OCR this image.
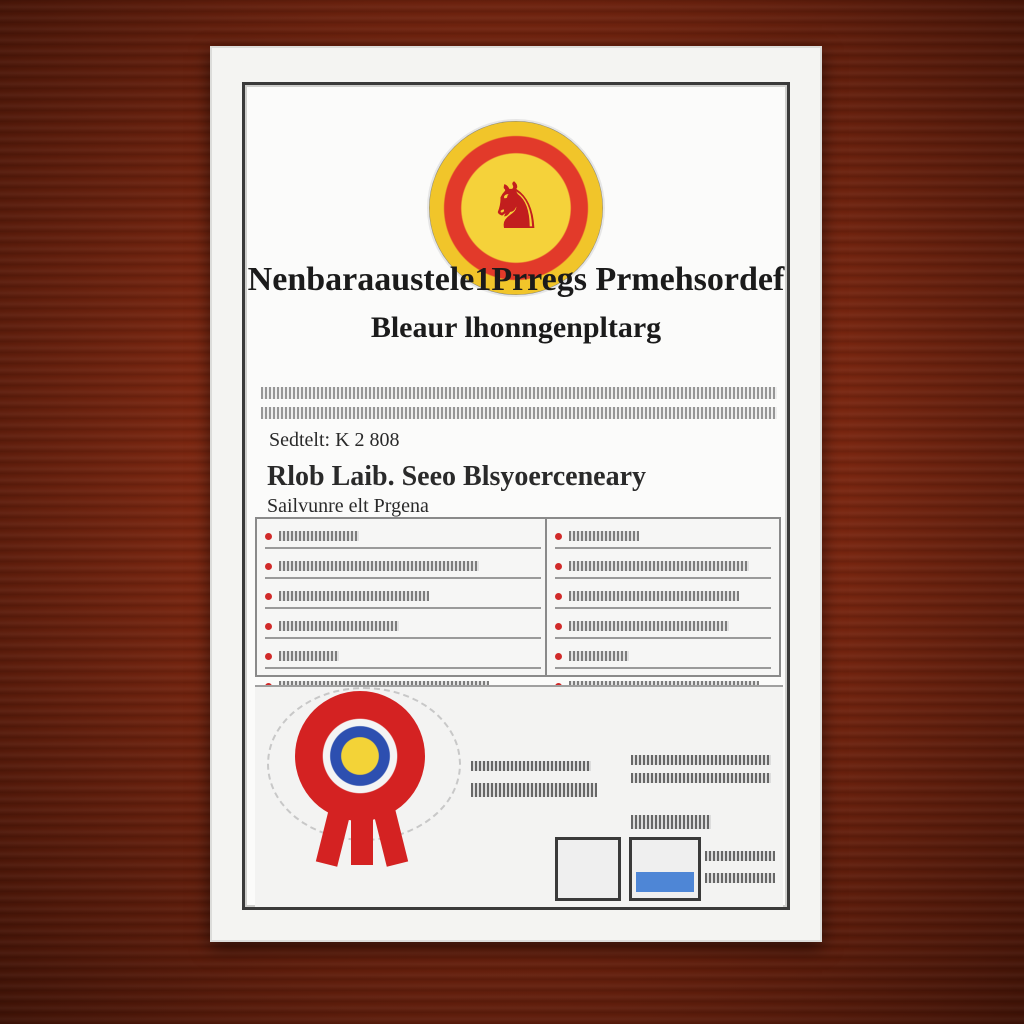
♞
Nenbaraaustele1Prregs Prmehsordef
Bleaur lhonngenpltarg

Sedtelt: K 2 808

Rlob Laib. Seeo Blsyoerceneary

Sailvunre elt Prgena
